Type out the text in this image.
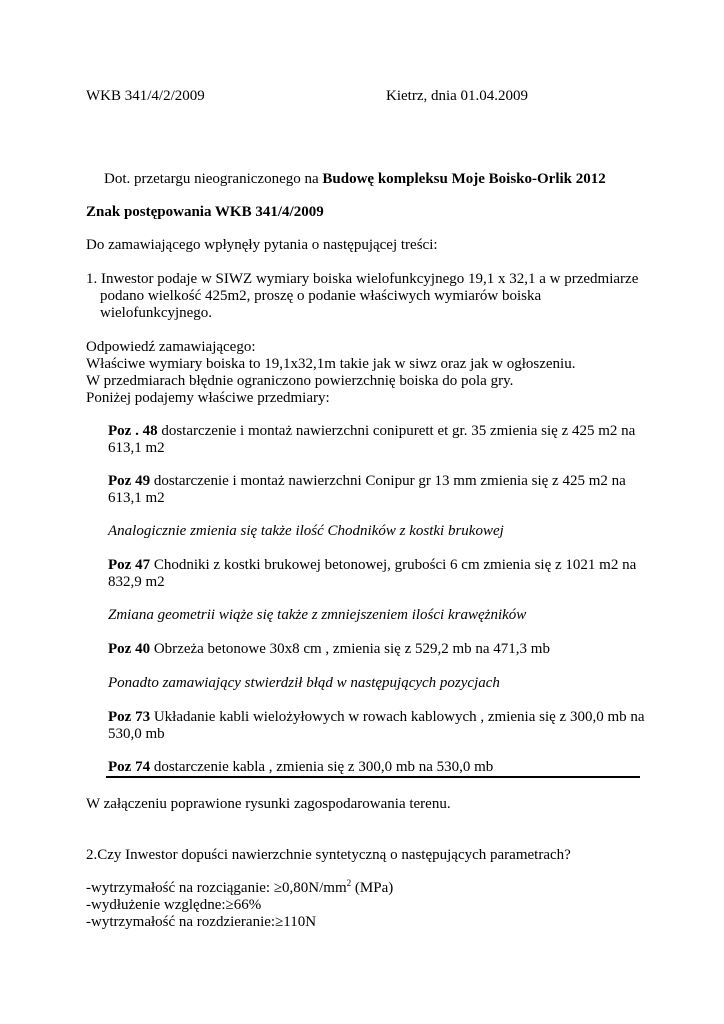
WKB 341/4/2/2009	Kietrz, dnia 01.04.2009
Dot. przetargu nieograniczonego na Budowę kompleksu Moje Boisko-Orlik 2012
Znak postępowania WKB 341/4/2009
Do zamawiającego wpłynęły pytania o następującej treści:
1. Inwestor podaje w SIWZ wymiary boiska wielofunkcyjnego 19,1 x 32,1 a w przedmiarze
podano wielkość 425m2, proszę o podanie właściwych wymiarów boiska
wielofunkcyjnego.
Odpowiedź zamawiającego:
Właściwe wymiary boiska to 19,1x32,1m takie jak w siwz oraz jak w ogłoszeniu.
W przedmiarach błędnie ograniczono powierzchnię boiska do pola gry.
Poniżej podajemy właściwe przedmiary:
Poz . 48 dostarczenie i montaż nawierzchni conipurett et gr. 35 zmienia się z 425 m2 na
613,1 m2
Poz 49 dostarczenie i montaż nawierzchni Conipur gr 13 mm zmienia się z 425 m2 na
613,1 m2
Analogicznie zmienia się także ilość Chodników z kostki brukowej
Poz 47 Chodniki z kostki brukowej betonowej, grubości 6 cm zmienia się z 1021 m2 na
832,9 m2
Zmiana geometrii wiąże się także z zmniejszeniem ilości krawężników
Poz 40 Obrzeża betonowe 30x8 cm , zmienia się z 529,2 mb na 471,3 mb
Ponadto zamawiający stwierdził błąd w następujących pozycjach
Poz 73 Układanie kabli wielożyłowych w rowach kablowych , zmienia się z 300,0 mb na
530,0 mb
Poz 74 dostarczenie kabla , zmienia się z 300,0 mb na 530,0 mb
W załączeniu poprawione rysunki zagospodarowania terenu.
2.Czy Inwestor dopuści nawierzchnie syntetyczną o następujących parametrach?
-wytrzymałość na rozciąganie: $\ge 0,80N/mm^2$ (MPa)
-wydłużenie względne:≥66%
-wytrzymałość na rozdzieranie:≥110N
